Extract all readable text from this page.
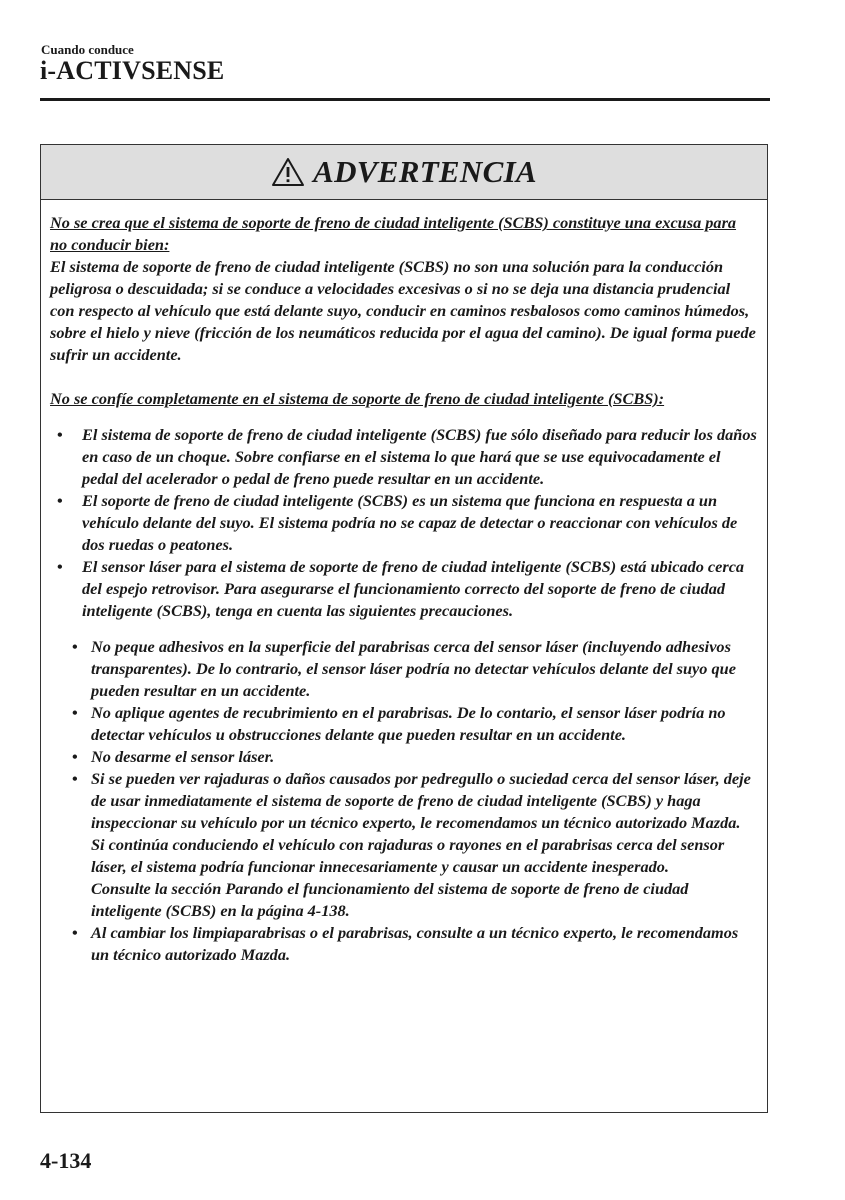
Cuando conduce
i-ACTIVSENSE
ADVERTENCIA

No se crea que el sistema de soporte de freno de ciudad inteligente (SCBS) constituye una excusa para no conducir bien:

El sistema de soporte de freno de ciudad inteligente (SCBS) no son una solución para la conducción peligrosa o descuidada; si se conduce a velocidades excesivas o si no se deja una distancia prudencial con respecto al vehículo que está delante suyo, conducir en caminos resbalosos como caminos húmedos, sobre el hielo y nieve (fricción de los neumáticos reducida por el agua del camino). De igual forma puede sufrir un accidente.

No se confíe completamente en el sistema de soporte de freno de ciudad inteligente (SCBS):

•	El sistema de soporte de freno de ciudad inteligente (SCBS) fue sólo diseñado para reducir los daños en caso de un choque. Sobre confiarse en el sistema lo que hará que se use equivocadamente el pedal del acelerador o pedal de freno puede resultar en un accidente.
•	El soporte de freno de ciudad inteligente (SCBS) es un sistema que funciona en respuesta a un vehículo delante del suyo. El sistema podría no se capaz de detectar o reaccionar con vehículos de dos ruedas o peatones.
•	El sensor láser para el sistema de soporte de freno de ciudad inteligente (SCBS) está ubicado cerca del espejo retrovisor. Para asegurarse el funcionamiento correcto del soporte de freno de ciudad inteligente (SCBS), tenga en cuenta las siguientes precauciones.
• No peque adhesivos en la superficie del parabrisas cerca del sensor láser (incluyendo adhesivos transparentes). De lo contrario, el sensor láser podría no detectar vehículos delante del suyo que pueden resultar en un accidente.
• No aplique agentes de recubrimiento en el parabrisas. De lo contario, el sensor láser podría no detectar vehículos u obstrucciones delante que pueden resultar en un accidente.
• No desarme el sensor láser.
• Si se pueden ver rajaduras o daños causados por pedregullo o suciedad cerca del sensor láser, deje de usar inmediatamente el sistema de soporte de freno de ciudad inteligente (SCBS) y haga inspeccionar su vehículo por un técnico experto, le recomendamos un técnico autorizado Mazda. Si continúa conduciendo el vehículo con rajaduras o rayones en el parabrisas cerca del sensor láser, el sistema podría funcionar innecesariamente y causar un accidente inesperado.
Consulte la sección Parando el funcionamiento del sistema de soporte de freno de ciudad inteligente (SCBS) en la página 4-138.
• Al cambiar los limpiaparabrisas o el parabrisas, consulte a un técnico experto, le recomendamos un técnico autorizado Mazda.
4-134
